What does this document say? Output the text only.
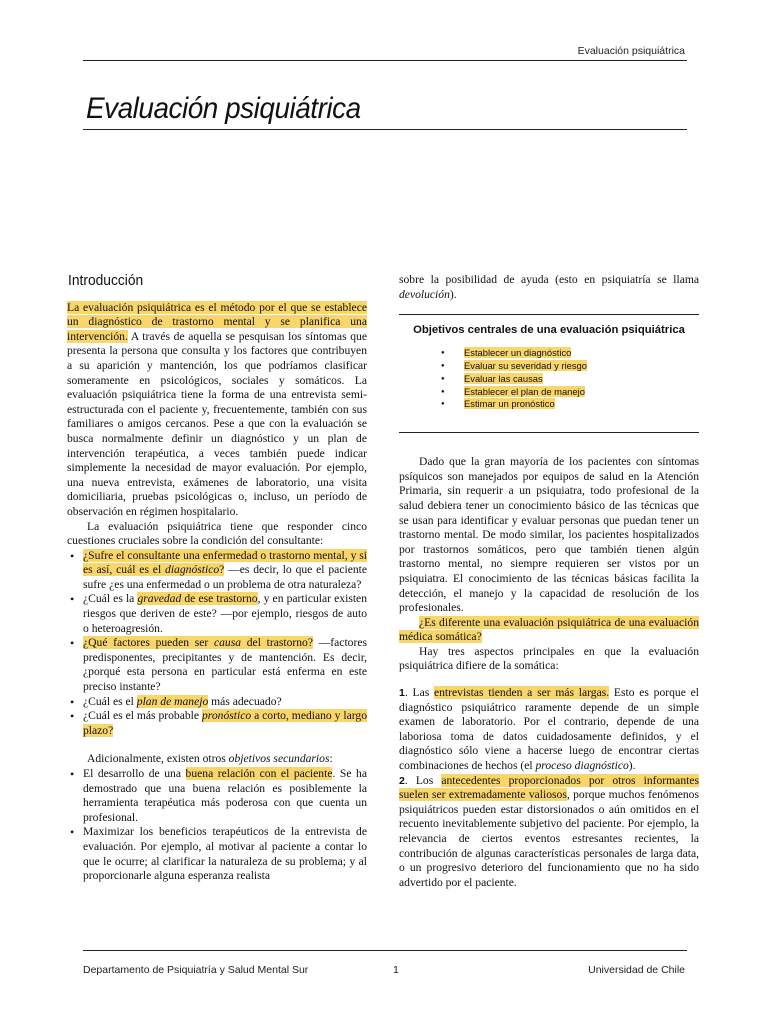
Evaluación psiquiátrica
Evaluación psiquiátrica
Introducción

La evaluación psiquiátrica es el método por el que se establece un diagnóstico de trastorno mental y se planifica una intervención. A través de aquella se pesquisan los síntomas que presenta la persona que consulta y los factores que contribuyen a su aparición y mantención, los que podríamos clasificar someramente en psicológicos, sociales y somáticos. La evaluación psiquiátrica tiene la forma de una entrevista semi-estructurada con el paciente y, frecuentemente, también con sus familiares o amigos cercanos. Pese a que con la evaluación se busca normalmente definir un diagnóstico y un plan de intervención terapéutica, a veces también puede indicar simplemente la necesidad de mayor evaluación. Por ejemplo, una nueva entrevista, exámenes de laboratorio, una visita domiciliaria, pruebas psicológicas o, incluso, un período de observación en régimen hospitalario.

La evaluación psiquiátrica tiene que responder cinco cuestiones cruciales sobre la condición del consultante:

• ¿Sufre el consultante una enfermedad o trastorno mental, y si es así, cuál es el diagnóstico? —es decir, lo que el paciente sufre ¿es una enfermedad o un problema de otra naturaleza?
• ¿Cuál es la gravedad de ese trastorno, y en particular existen riesgos que deriven de este? —por ejemplo, riesgos de auto o heteroagresión.
• ¿Qué factores pueden ser causa del trastorno? —factores predisponentes, precipitantes y de mantención. Es decir, ¿porqué esta persona en particular está enferma en este preciso instante?
• ¿Cuál es el plan de manejo más adecuado?
• ¿Cuál es el más probable pronóstico a corto, mediano y largo plazo?

Adicionalmente, existen otros objetivos secundarios:

• El desarrollo de una buena relación con el paciente. Se ha demostrado que una buena relación es posiblemente la herramienta terapéutica más poderosa con que cuenta un profesional.
• Maximizar los beneficios terapéuticos de la entrevista de evaluación. Por ejemplo, al motivar al paciente a contar lo que le ocurre; al clarificar la naturaleza de su problema; y al proporcionarle alguna esperanza realista

sobre la posibilidad de ayuda (esto en psiquiatría se llama devolución).

Objetivos centrales de una evaluación psiquiátrica
● Establecer un diagnóstico
● Evaluar su severidad y riesgo
● Evaluar las causas
● Establecer el plan de manejo
● Estimar un pronóstico

Dado que la gran mayoría de los pacientes con síntomas psíquicos son manejados por equipos de salud en la Atención Primaria, sin requerir a un psiquiatra, todo profesional de la salud debiera tener un conocimiento básico de las técnicas que se usan para identificar y evaluar personas que puedan tener un trastorno mental. De modo similar, los pacientes hospitalizados por trastornos somáticos, pero que también tienen algún trastorno mental, no siempre requieren ser vistos por un psiquiatra. El conocimiento de las técnicas básicas facilita la detección, el manejo y la capacidad de resolución de los profesionales.

¿Es diferente una evaluación psiquiátrica de una evaluación médica somática?

Hay tres aspectos principales en que la evaluación psiquiátrica difiere de la somática:

1. Las entrevistas tienden a ser más largas. Esto es porque el diagnóstico psiquiátrico raramente depende de un simple examen de laboratorio. Por el contrario, depende de una laboriosa toma de datos cuidadosamente definidos, y el diagnóstico sólo viene a hacerse luego de encontrar ciertas combinaciones de hechos (el proceso diagnóstico).

2. Los antecedentes proporcionados por otros informantes suelen ser extremadamente valiosos, porque muchos fenómenos psiquiátricos pueden estar distorsionados o aún omitidos en el recuento inevitablemente subjetivo del paciente. Por ejemplo, la relevancia de ciertos eventos estresantes recientes, la contribución de algunas características personales de larga data, o un progresivo deterioro del funcionamiento que no ha sido advertido por el paciente.

Departamento de Psiquiatría y Salud Mental Sur	1	Universidad de Chile
